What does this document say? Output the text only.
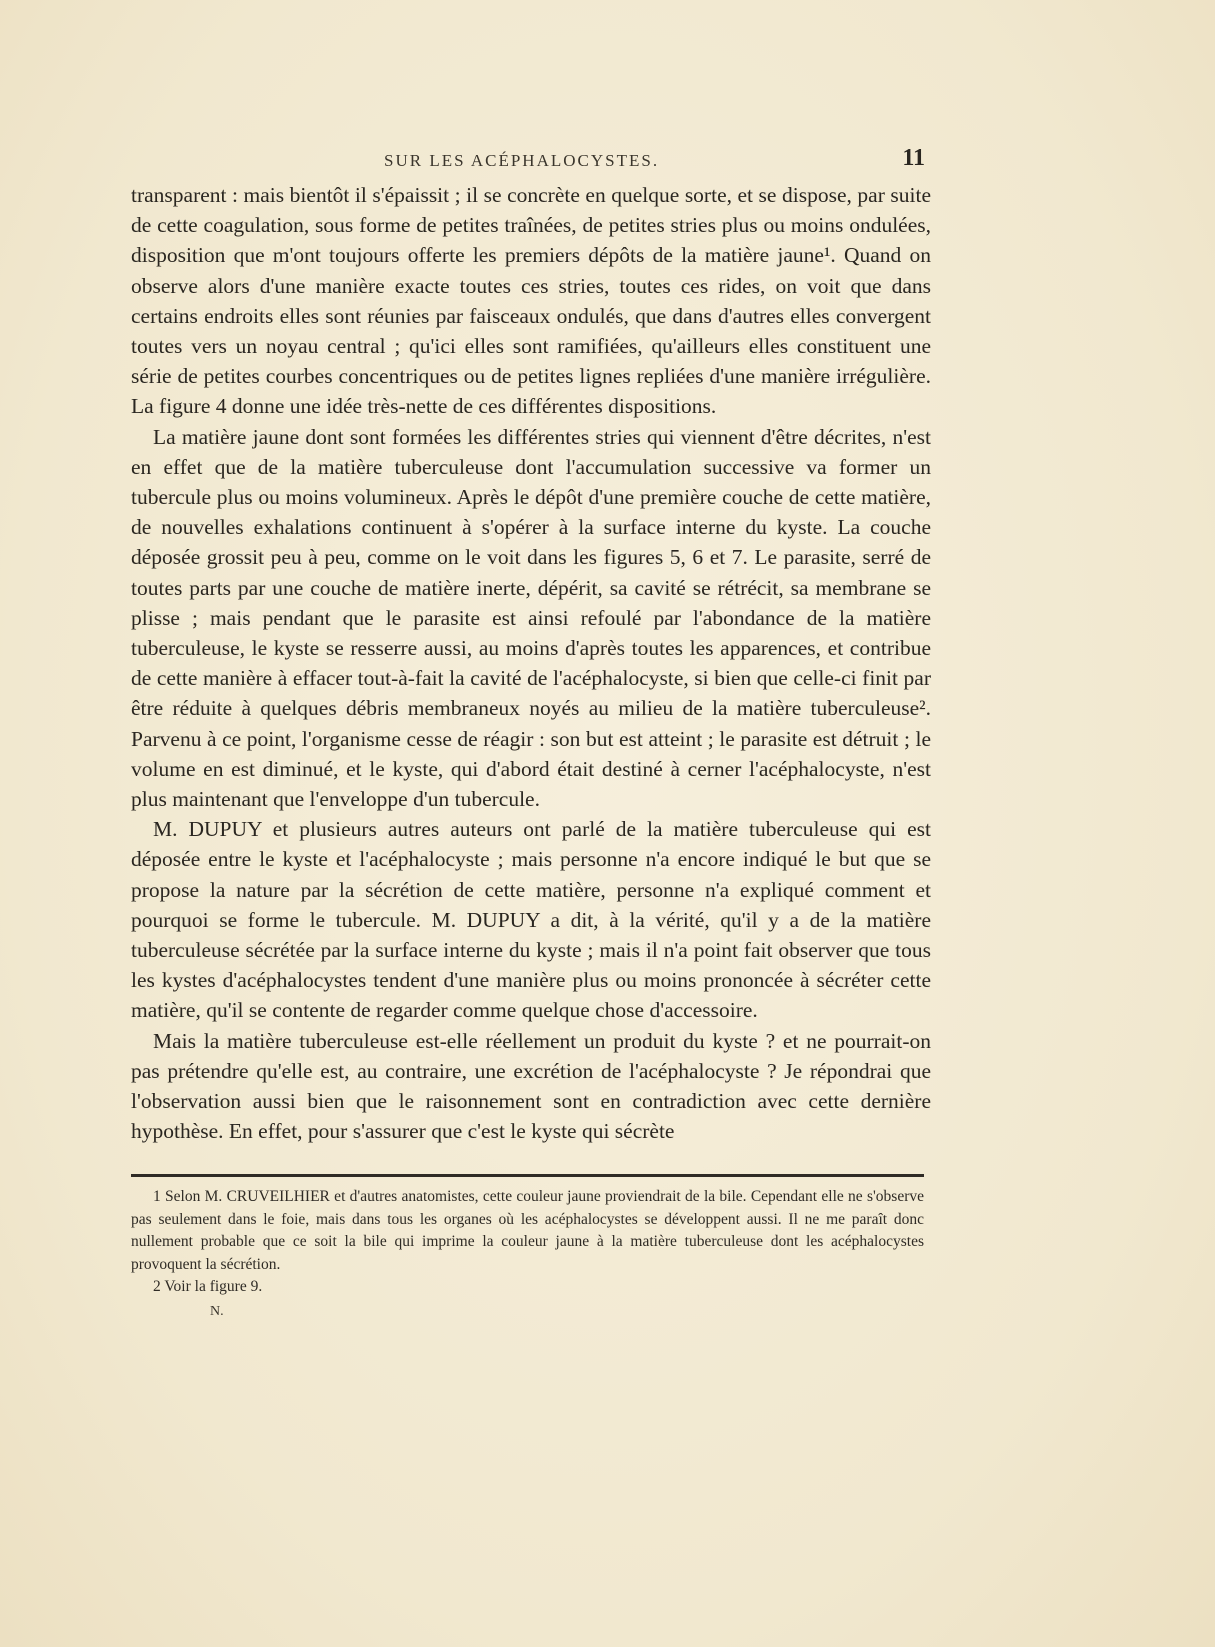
SUR LES ACÉPHALOCYSTES.	11

transparent : mais bientôt il s'épaissit ; il se concrète en quelque sorte, et se dispose, par suite de cette coagulation, sous forme de petites traînées, de petites stries plus ou moins ondulées, disposition que m'ont toujours offerte les premiers dépôts de la matière jaune¹. Quand on observe alors d'une manière exacte toutes ces stries, toutes ces rides, on voit que dans certains endroits elles sont réunies par faisceaux ondulés, que dans d'autres elles convergent toutes vers un noyau central ; qu'ici elles sont ramifiées, qu'ailleurs elles constituent une série de petites courbes concentriques ou de petites lignes repliées d'une manière irrégulière. La figure 4 donne une idée très-nette de ces différentes dispositions.

La matière jaune dont sont formées les différentes stries qui viennent d'être décrites, n'est en effet que de la matière tuberculeuse dont l'accumulation successive va former un tubercule plus ou moins volumineux. Après le dépôt d'une première couche de cette matière, de nouvelles exhalations continuent à s'opérer à la surface interne du kyste. La couche déposée grossit peu à peu, comme on le voit dans les figures 5, 6 et 7. Le parasite, serré de toutes parts par une couche de matière inerte, dépérit, sa cavité se rétrécit, sa membrane se plisse ; mais pendant que le parasite est ainsi refoulé par l'abondance de la matière tuberculeuse, le kyste se resserre aussi, au moins d'après toutes les apparences, et contribue de cette manière à effacer tout-à-fait la cavité de l'acéphalocyste, si bien que celle-ci finit par être réduite à quelques débris membraneux noyés au milieu de la matière tuberculeuse². Parvenu à ce point, l'organisme cesse de réagir : son but est atteint ; le parasite est détruit ; le volume en est diminué, et le kyste, qui d'abord était destiné à cerner l'acéphalocyste, n'est plus maintenant que l'enveloppe d'un tubercule.

M. DUPUY et plusieurs autres auteurs ont parlé de la matière tuberculeuse qui est déposée entre le kyste et l'acéphalocyste ; mais personne n'a encore indiqué le but que se propose la nature par la sécrétion de cette matière, personne n'a expliqué comment et pourquoi se forme le tubercule. M. DUPUY a dit, à la vérité, qu'il y a de la matière tuberculeuse sécrétée par la surface interne du kyste ; mais il n'a point fait observer que tous les kystes d'acéphalocystes tendent d'une manière plus ou moins prononcée à sécréter cette matière, qu'il se contente de regarder comme quelque chose d'accessoire.

Mais la matière tuberculeuse est-elle réellement un produit du kyste ? et ne pourrait-on pas prétendre qu'elle est, au contraire, une excrétion de l'acéphalocyste ? Je répondrai que l'observation aussi bien que le raisonnement sont en contradiction avec cette dernière hypothèse. En effet, pour s'assurer que c'est le kyste qui sécrète

1 Selon M. CRUVEILHIER et d'autres anatomistes, cette couleur jaune proviendrait de la bile. Cependant elle ne s'observe pas seulement dans le foie, mais dans tous les organes où les acéphalocystes se développent aussi. Il ne me paraît donc nullement probable que ce soit la bile qui imprime la couleur jaune à la matière tuberculeuse dont les acéphalocystes provoquent la sécrétion.

2 Voir la figure 9.

N.
